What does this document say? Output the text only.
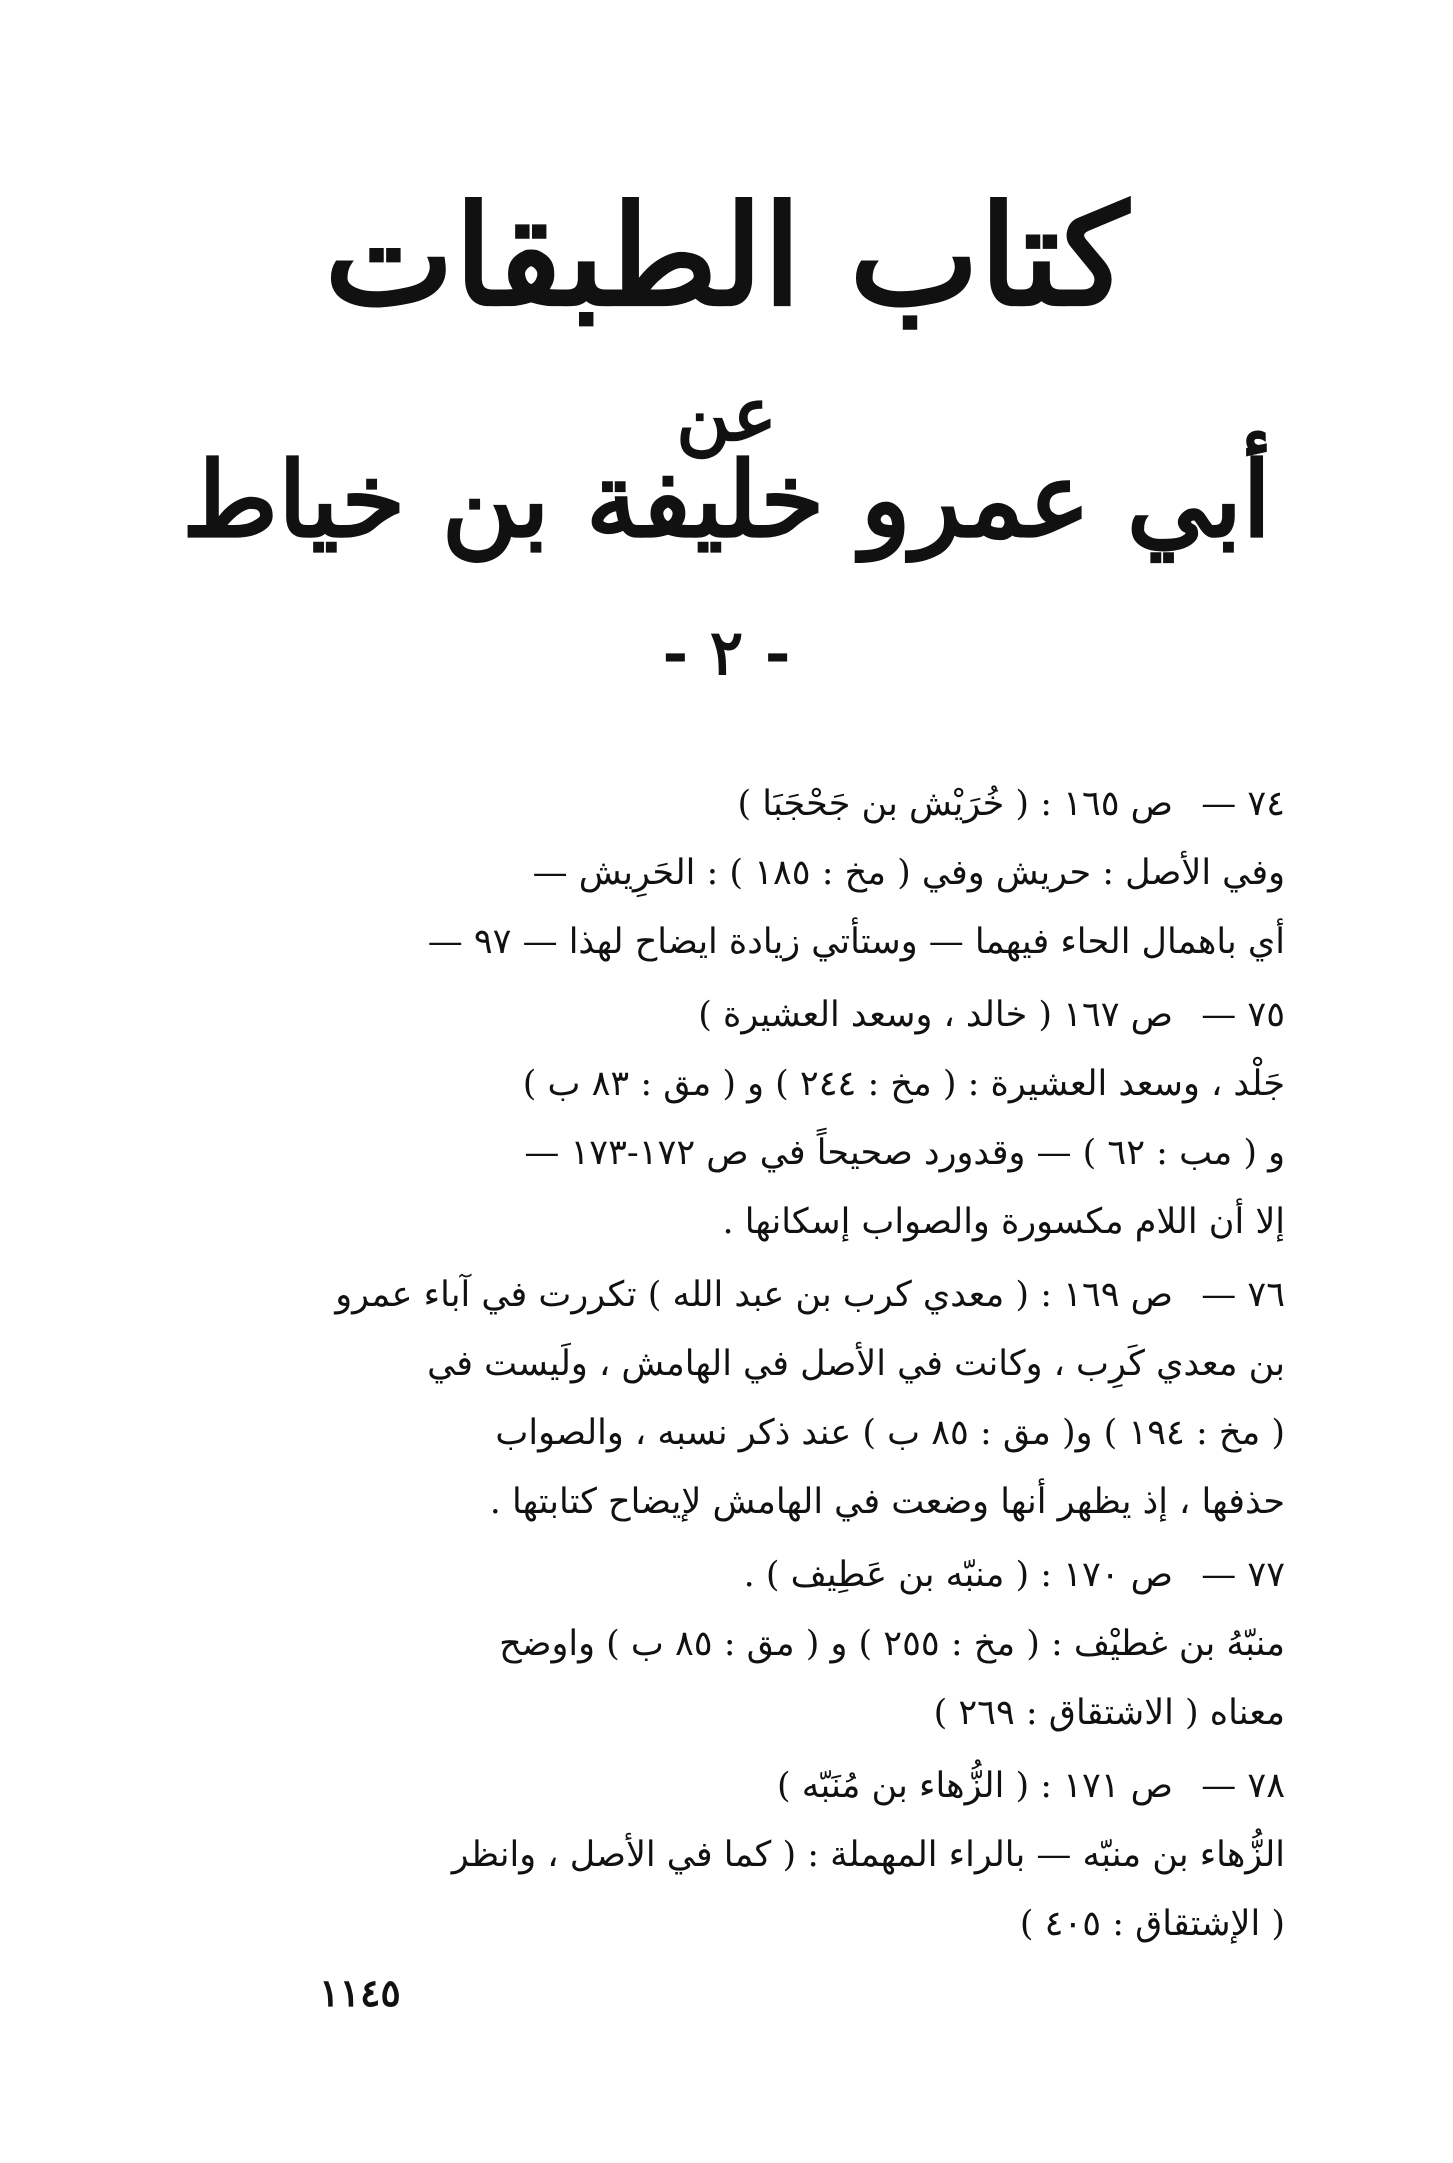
كتاب الطبقات
عن
أبي عمرو خليفة بن خياط
- ٢ -
٧٤ —
ص ١٦٥ : ( خُرَيْش بن جَحْجَبَا )

وفي الأصل : حريش وفي ( مخ : ١٨٥ ) : الحَرِيش —

أي باهمال الحاء فيهما — وستأتي زيادة ايضاح لهذا — ٩٧ —

٧٥ —
ص ١٦٧ ( خالد ، وسعد العشيرة )

جَلْد ، وسعد العشيرة : ( مخ : ٢٤٤ ) و ( مق : ٨٣ ب )

و ( مب : ٦٢ ) — وقدورد صحيحاً في ص ١٧٢-١٧٣ —

إلا أن اللام مكسورة والصواب إسكانها .

٧٦ —
ص ١٦٩ : ( معدي كرب بن عبد الله ) تكررت في آباء عمرو

بن معدي كَرِب ، وكانت في الأصل في الهامش ، ولَيست في

( مخ : ١٩٤ ) و( مق : ٨٥ ب ) عند ذكر نسبه ، والصواب

حذفها ، إذ يظهر أنها وضعت في الهامش لإيضاح كتابتها .

٧٧ —
ص ١٧٠ : ( منبّه بن عَطِيف ) .

منبّهُ بن غطيْف : ( مخ : ٢٥٥ ) و ( مق : ٨٥ ب ) واوضح

معناه ( الاشتقاق : ٢٦٩ )

٧٨ —
ص ١٧١ : ( الزُّهاء بن مُنَبّه )

الزُّهاء بن منبّه — بالراء المهملة : ( كما في الأصل ، وانظر

( الإشتقاق : ٤٠٥ )

١١٤٥
